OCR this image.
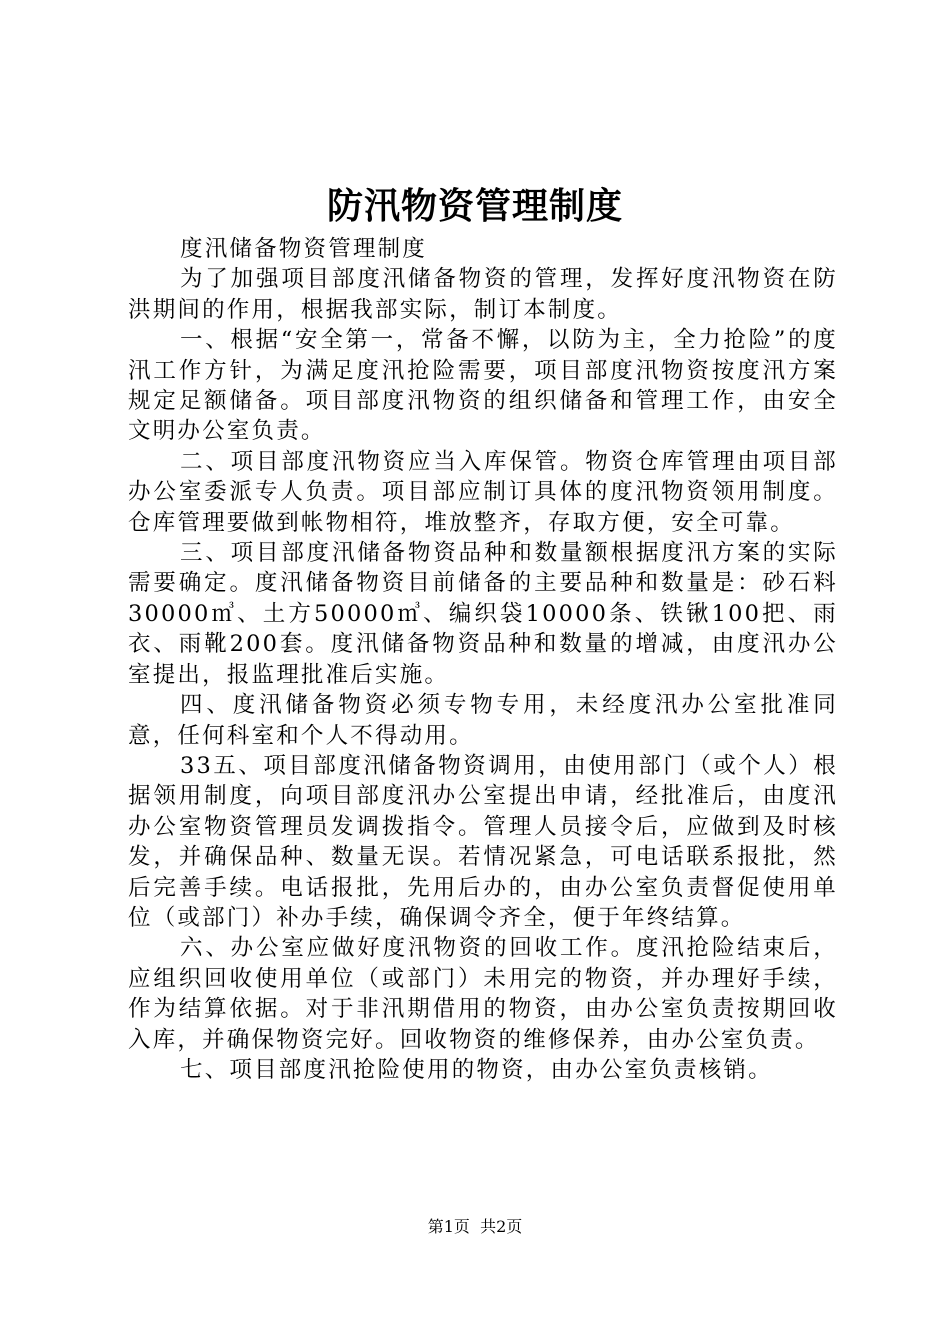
防汛物资管理制度

度汛储备物资管理制度

为了加强项目部度汛储备物资的管理，发挥好度汛物资在防洪期间的作用，根据我部实际，制订本制度。

一、根据“安全第一，常备不懈，以防为主，全力抢险”的度汛工作方针，为满足度汛抢险需要，项目部度汛物资按度汛方案规定足额储备。项目部度汛物资的组织储备和管理工作，由安全文明办公室负责。

二、项目部度汛物资应当入库保管。物资仓库管理由项目部办公室委派专人负责。项目部应制订具体的度汛物资领用制度。仓库管理要做到帐物相符，堆放整齐，存取方便，安全可靠。

三、项目部度汛储备物资品种和数量额根据度汛方案的实际需要确定。度汛储备物资目前储备的主要品种和数量是：砂石料30000㎥、土方50000㎥、编织袋10000条、铁锹100把、雨衣、雨靴200套。度汛储备物资品种和数量的增减，由度汛办公室提出，报监理批准后实施。

四、度汛储备物资必须专物专用，未经度汛办公室批准同意，任何科室和个人不得动用。

33五、项目部度汛储备物资调用，由使用部门（或个人）根据领用制度，向项目部度汛办公室提出申请，经批准后，由度汛办公室物资管理员发调拨指令。管理人员接令后，应做到及时核发，并确保品种、数量无误。若情况紧急，可电话联系报批，然后完善手续。电话报批，先用后办的，由办公室负责督促使用单位（或部门）补办手续，确保调令齐全，便于年终结算。

六、办公室应做好度汛物资的回收工作。度汛抢险结束后，应组织回收使用单位（或部门）未用完的物资，并办理好手续，作为结算依据。对于非汛期借用的物资，由办公室负责按期回收入库，并确保物资完好。回收物资的维修保养，由办公室负责。

七、项目部度汛抢险使用的物资，由办公室负责核销。

第1页 共2页
